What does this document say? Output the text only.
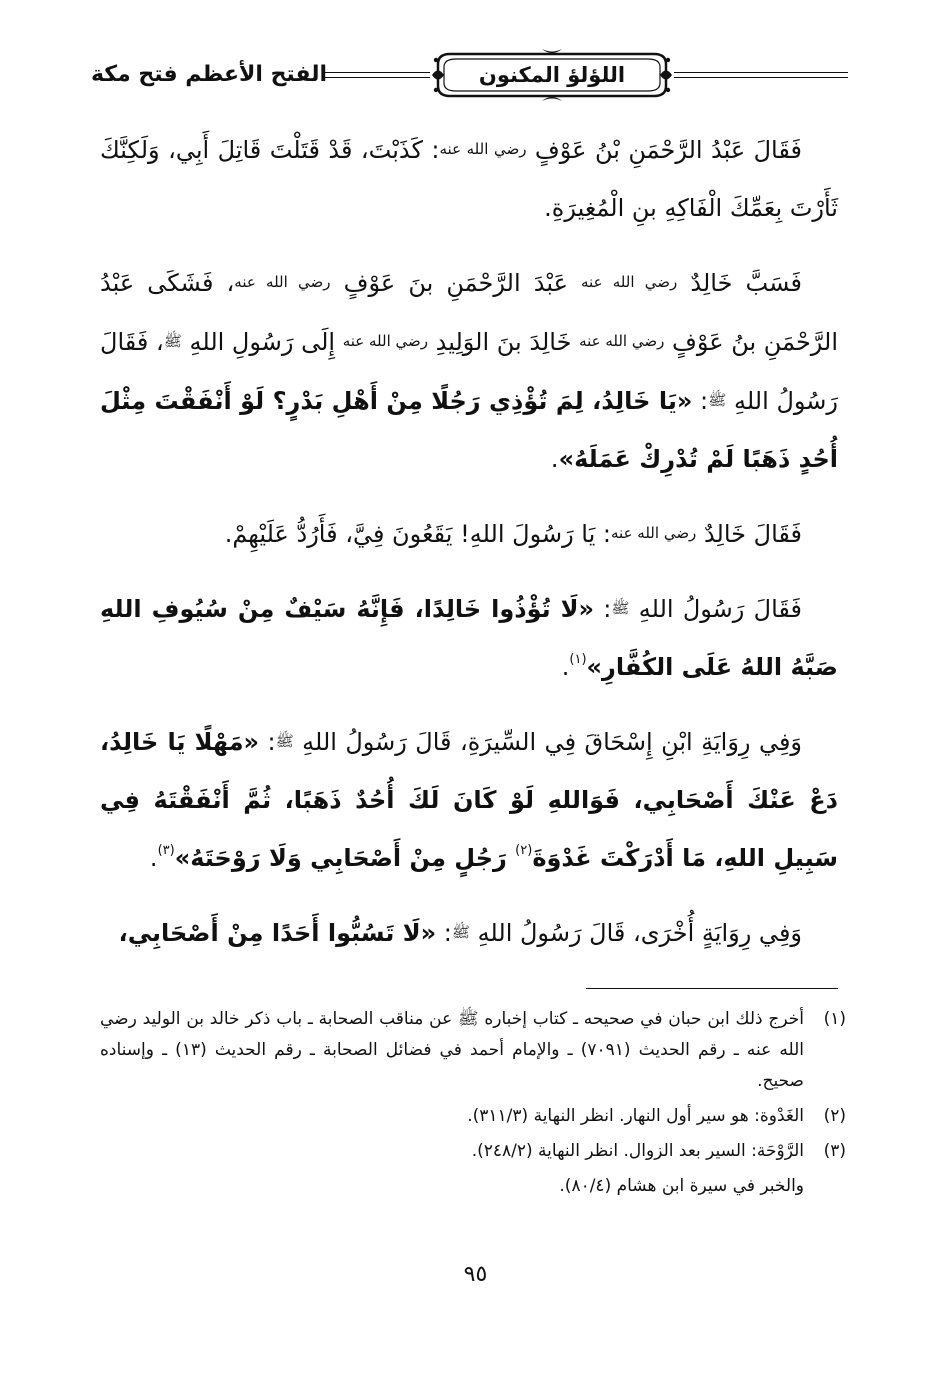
الفتح الأعظم فتح مكة	اللؤلؤ المكنون

فَقَالَ عَبْدُ الرَّحْمَنِ بْنُ عَوْفٍ رضي الله عنه: كَذَبْتَ، قَدْ قَتَلْتَ قَاتِلَ أَبِي، وَلَكِنَّكَ ثَأَرْتَ بِعَمِّكَ الْفَاكِهِ بنِ الْمُغِيرَةِ.

فَسَبَّ خَالِدٌ رضي الله عنه عَبْدَ الرَّحْمَنِ بنَ عَوْفٍ رضي الله عنه، فَشَكَى عَبْدُ الرَّحْمَنِ بنُ عَوْفٍ رضي الله عنه خَالِدَ بنَ الوَلِيدِ رضي الله عنه إِلَى رَسُولِ اللهِ ﷺ، فَقَالَ رَسُولُ اللهِ ﷺ: «يَا خَالِدُ، لِمَ تُؤْذِي رَجُلًا مِنْ أَهْلِ بَدْرٍ؟ لَوْ أَنْفَقْتَ مِثْلَ أُحُدٍ ذَهَبًا لَمْ تُدْرِكْ عَمَلَهُ».

فَقَالَ خَالِدٌ رضي الله عنه: يَا رَسُولَ اللهِ! يَقَعُونَ فِيَّ، فَأَرُدُّ عَلَيْهِمْ.

فَقَالَ رَسُولُ اللهِ ﷺ: «لَا تُؤْذُوا خَالِدًا، فَإِنَّهُ سَيْفٌ مِنْ سُيُوفِ اللهِ صَبَّهُ اللهُ عَلَى الكُفَّارِ»$^{(١)}$.

وَفِي رِوَايَةِ ابْنِ إِسْحَاقَ فِي السِّيرَةِ، قَالَ رَسُولُ اللهِ ﷺ: «مَهْلًا يَا خَالِدُ، دَعْ عَنْكَ أَصْحَابِي، فَوَاللهِ لَوْ كَانَ لَكَ أُحُدٌ ذَهَبًا، ثُمَّ أَنْفَقْتَهُ فِي سَبِيلِ اللهِ، مَا أَدْرَكْتَ غَدْوَةَ$^{(٢)}$ رَجُلٍ مِنْ أَصْحَابِي وَلَا رَوْحَتَهُ»$^{(٣)}$.

وَفِي رِوَايَةٍ أُخْرَى، قَالَ رَسُولُ اللهِ ﷺ: «لَا تَسُبُّوا أَحَدًا مِنْ أَصْحَابِي،

(١)
أخرج ذلك ابن حبان في صحيحه ـ كتاب إخباره ﷺ عن مناقب الصحابة ـ باب ذكر خالد بن الوليد رضي الله عنه ـ رقم الحديث (٧٠٩١) ـ والإمام أحمد في فضائل الصحابة ـ رقم الحديث (١٣) ـ وإسناده صحيح.
(٢)
الغَدْوة: هو سير أول النهار. انظر النهاية (٣١١/٣).
(٣)
الرَّوْحَة: السير بعد الزوال. انظر النهاية (٢٤٨/٢).
والخبر في سيرة ابن هشام (٨٠/٤).
٩٥
